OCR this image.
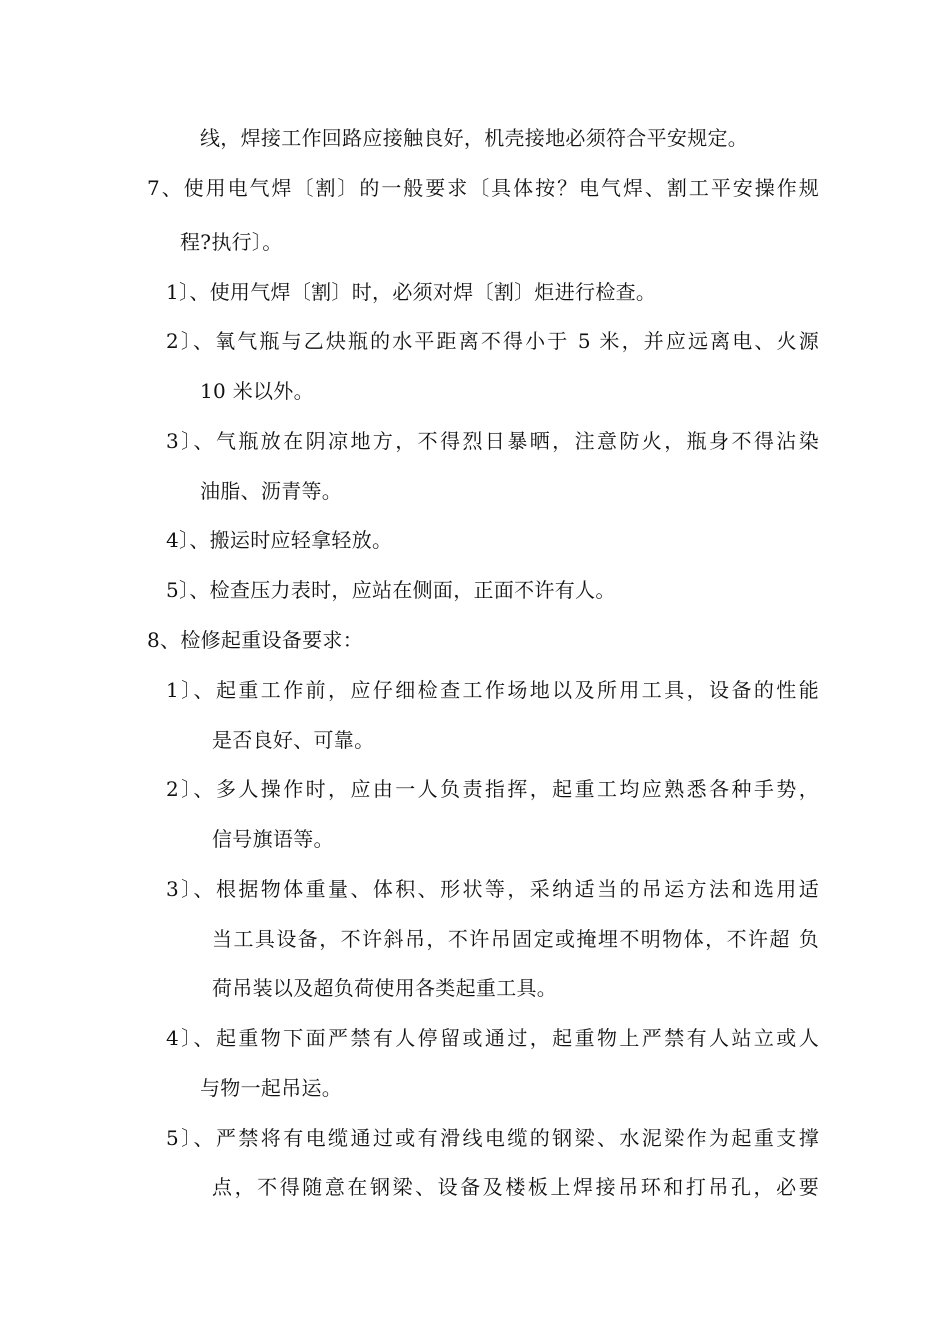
线，焊接工作回路应接触良好，机壳接地必须符合平安规定。
7、使用电气焊〔割〕的一般要求〔具体按？电气焊、割工平安操作规
程?执行〕。
1〕、使用气焊〔割〕时，必须对焊〔割〕炬进行检查。
2〕、氧气瓶与乙炔瓶的水平距离不得小于 5 米，并应远离电、火源
10 米以外。
3〕、气瓶放在阴凉地方，不得烈日暴晒，注意防火，瓶身不得沾染
油脂、沥青等。
4〕、搬运时应轻拿轻放。
5〕、检查压力表时，应站在侧面，正面不许有人。
8、检修起重设备要求：
1〕、起重工作前，应仔细检查工作场地以及所用工具，设备的性能
是否良好、可靠。
2〕、多人操作时，应由一人负责指挥，起重工均应熟悉各种手势，
信号旗语等。
3〕、根据物体重量、体积、形状等，采纳适当的吊运方法和选用适
当工具设备，不许斜吊，不许吊固定或掩埋不明物体，不许超 负
荷吊装以及超负荷使用各类起重工具。
4〕、起重物下面严禁有人停留或通过，起重物上严禁有人站立或人
与物一起吊运。
5〕、严禁将有电缆通过或有滑线电缆的钢梁、水泥梁作为起重支撑
点，不得随意在钢梁、设备及楼板上焊接吊环和打吊孔，必要
